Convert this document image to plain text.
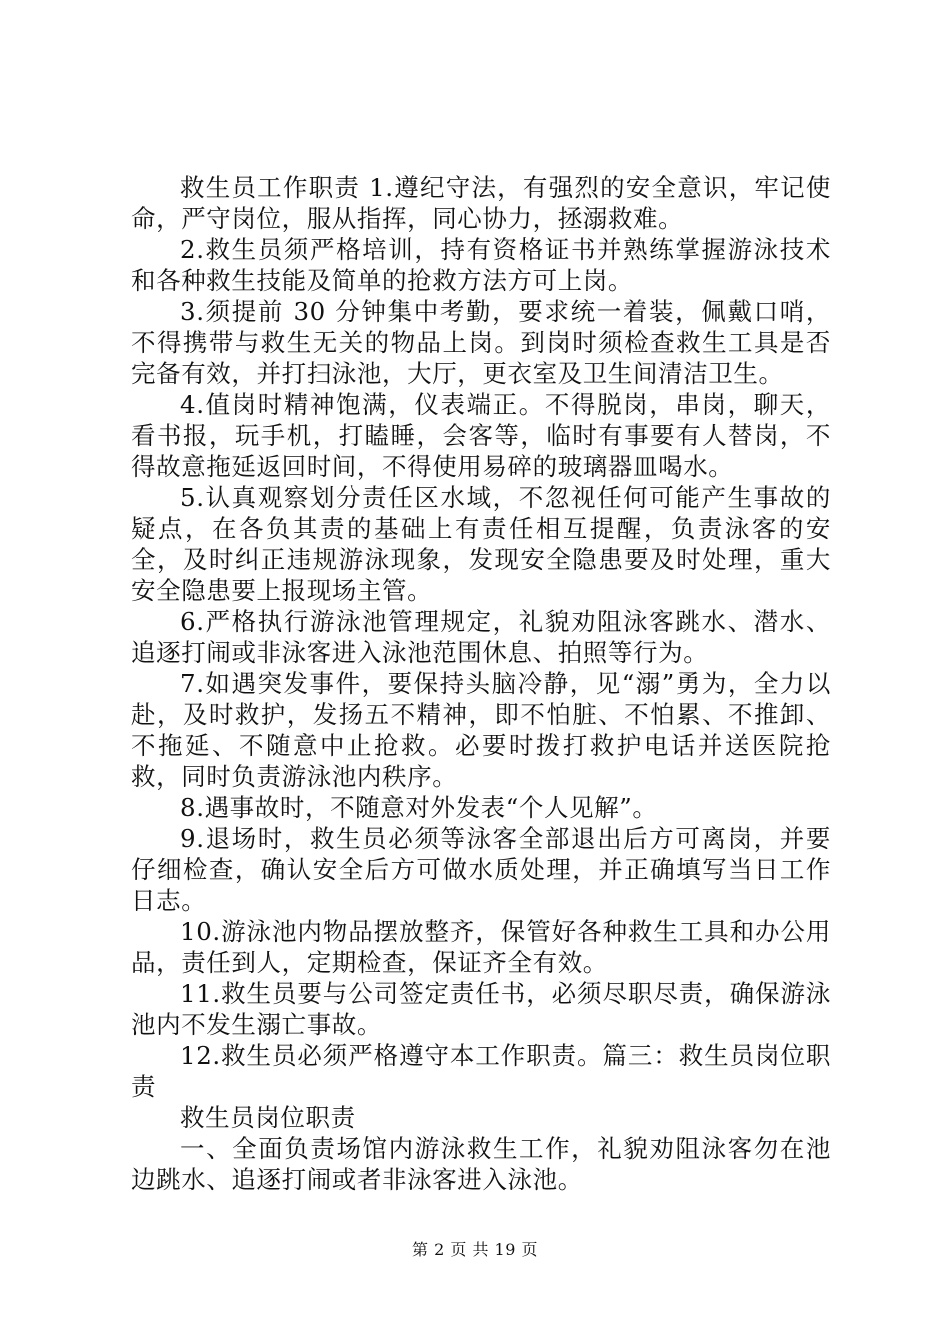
救生员工作职责 1.遵纪守法，有强烈的安全意识，牢记使命，严守岗位，服从指挥，同心协力，拯溺救难。

2.救生员须严格培训，持有资格证书并熟练掌握游泳技术和各种救生技能及简单的抢救方法方可上岗。

3.须提前 30 分钟集中考勤，要求统一着装，佩戴口哨，不得携带与救生无关的物品上岗。到岗时须检查救生工具是否完备有效，并打扫泳池，大厅，更衣室及卫生间清洁卫生。

4.值岗时精神饱满，仪表端正。不得脱岗，串岗，聊天，看书报，玩手机，打瞌睡，会客等，临时有事要有人替岗，不得故意拖延返回时间，不得使用易碎的玻璃器皿喝水。

5.认真观察划分责任区水域，不忽视任何可能产生事故的疑点，在各负其责的基础上有责任相互提醒，负责泳客的安全，及时纠正违规游泳现象，发现安全隐患要及时处理，重大安全隐患要上报现场主管。

6.严格执行游泳池管理规定，礼貌劝阻泳客跳水、潜水、追逐打闹或非泳客进入泳池范围休息、拍照等行为。

7.如遇突发事件，要保持头脑冷静，见“溺”勇为，全力以赴，及时救护，发扬五不精神，即不怕脏、不怕累、不推卸、不拖延、不随意中止抢救。必要时拨打救护电话并送医院抢救，同时负责游泳池内秩序。

8.遇事故时，不随意对外发表“个人见解”。

9.退场时，救生员必须等泳客全部退出后方可离岗，并要仔细检查，确认安全后方可做水质处理，并正确填写当日工作日志。

10.游泳池内物品摆放整齐，保管好各种救生工具和办公用品，责任到人，定期检查，保证齐全有效。

11.救生员要与公司签定责任书，必须尽职尽责，确保游泳池内不发生溺亡事故。

12.救生员必须严格遵守本工作职责。篇三：救生员岗位职责

救生员岗位职责

一、全面负责场馆内游泳救生工作，礼貌劝阻泳客勿在池边跳水、追逐打闹或者非泳客进入泳池。

第 2 页 共 19 页
